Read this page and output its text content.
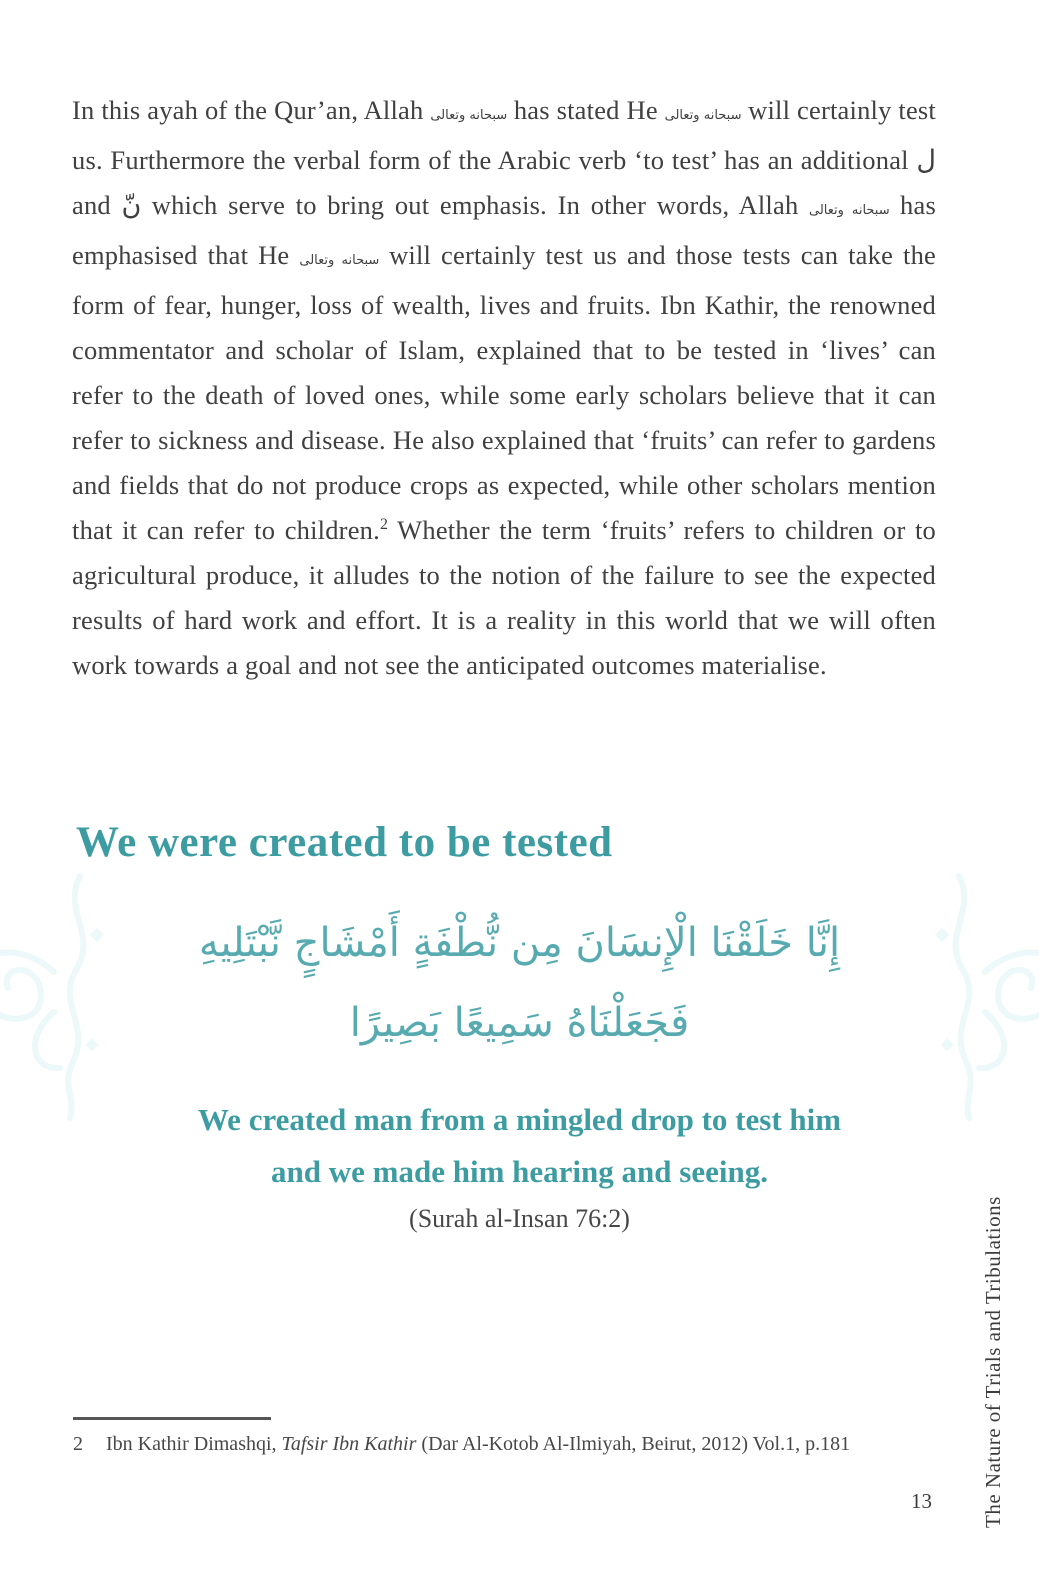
In this ayah of the Qur’an, Allah سبحانه وتعالى has stated He سبحانه وتعالى will certainly test us. Furthermore the verbal form of the Arabic verb ‘to test’ has an additional ل and نّ which serve to bring out emphasis. In other words, Allah سبحانه وتعالى has emphasised that He سبحانه وتعالى will certainly test us and those tests can take the form of fear, hunger, loss of wealth, lives and fruits. Ibn Kathir, the renowned commentator and scholar of Islam, explained that to be tested in ‘lives’ can refer to the death of loved ones, while some early scholars believe that it can refer to sickness and disease. He also explained that ‘fruits’ can refer to gardens and fields that do not produce crops as expected, while other scholars mention that it can refer to children.$^2$ Whether the term ‘fruits’ refers to children or to agricultural produce, it alludes to the notion of the failure to see the expected results of hard work and effort. It is a reality in this world that we will often work towards a goal and not see the anticipated outcomes materialise.

We were created to be tested
إِنَّا خَلَقْنَا الْإِنسَانَ مِن نُّطْفَةٍ أَمْشَاجٍ نَّبْتَلِيهِ
فَجَعَلْنَاهُ سَمِيعًا بَصِيرًا
We created man from a mingled drop to test him
and we made him hearing and seeing.
(Surah al-Insan 76:2)
2 Ibn Kathir Dimashqi, Tafsir Ibn Kathir (Dar Al-Kotob Al-Ilmiyah, Beirut, 2012) Vol.1, p.181	The Nature of Trials and Tribulations
13
